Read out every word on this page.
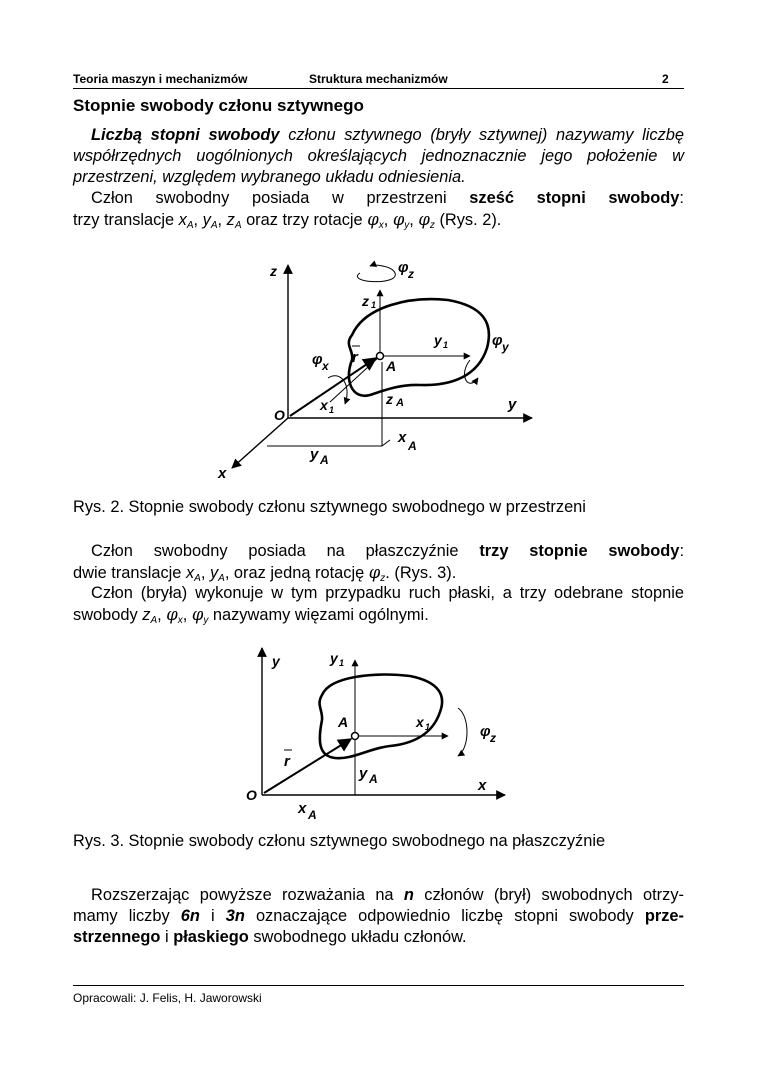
Teoria maszyn i mechanizmów	Struktura mechanizmów	2
Stopnie swobody członu sztywnego
Liczbą stopni swobody członu sztywnego (bryły sztywnej) nazywamy liczbę współrzędnych uogólnionych określających jednoznacznie jego położenie w przestrzeni, względem wybranego układu odniesienia.
Człon swobodny posiada w przestrzeni sześć stopni swobody:
trzy translacje $x_A$, $y_A$, $z_A$ oraz trzy rotacje $\varphi_x$, $\varphi_y$, $\varphi_z$ (Rys. 2).
z
y
x
O
A
z 1
y 1
x 1
r
z A
x A
y A
φ z
φ x
φ y
Rys. 2. Stopnie swobody członu sztywnego swobodnego w przestrzeni
Człon swobodny posiada na płaszczyźnie trzy stopnie swobody:
dwie translacje $x_A$, $y_A$, oraz jedną rotację $\varphi_z$. (Rys. 3).
Człon (bryła) wykonuje w tym przypadku ruch płaski, a trzy odebrane stopnie swobody $z_A$, $\varphi_x$, $\varphi_y$ nazywamy więzami ogólnymi.
y
x
O
A
y 1
x 1
r
y A
x A
φ z
Rys. 3. Stopnie swobody członu sztywnego swobodnego na płaszczyźnie
Rozszerzając powyższe rozważania na n członów (brył) swobodnych otrzy-
mamy liczby 6n i 3n oznaczające odpowiednio liczbę stopni swobody prze-
strzennego i płaskiego swobodnego układu członów.
Opracowali: J. Felis, H. Jaworowski
